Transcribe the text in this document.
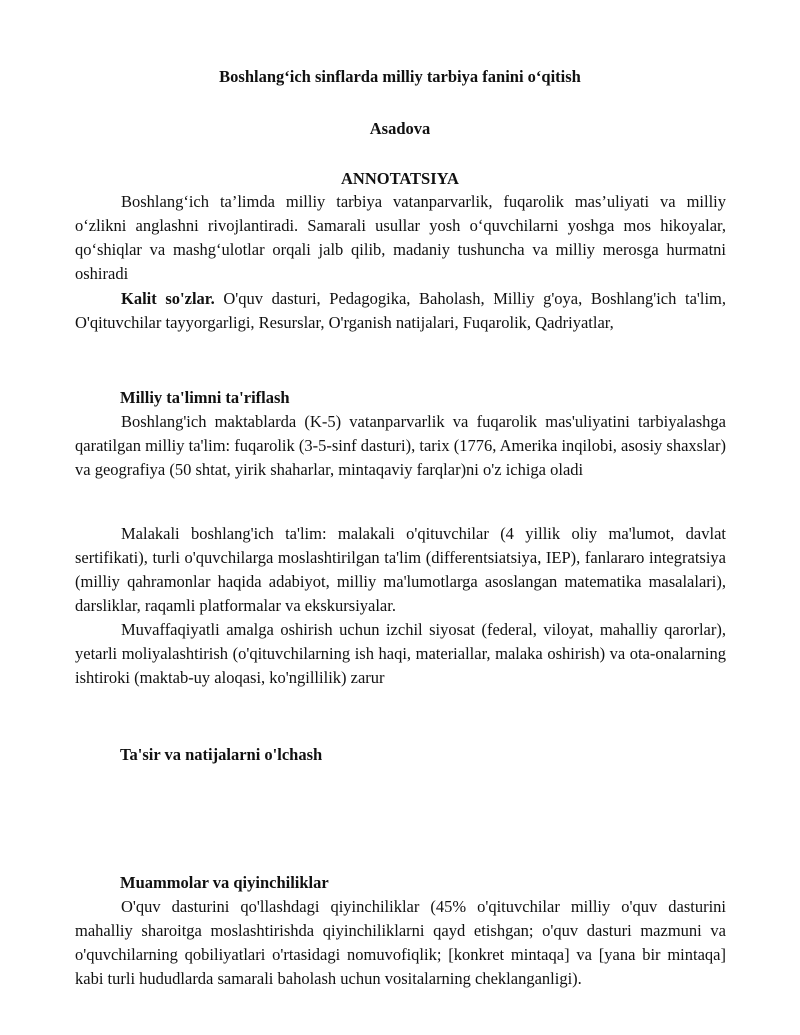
Boshlang‘ich sinflarda milliy tarbiya fanini o‘qitish
Asadova
ANNOTATSIYA
Boshlang‘ich ta’limda milliy tarbiya vatanparvarlik, fuqarolik mas’uliyati va milliy o‘zlikni anglashni rivojlantiradi. Samarali usullar yosh o‘quvchilarni yoshga mos hikoyalar, qo‘shiqlar va mashg‘ulotlar orqali jalb qilib, madaniy tushuncha va milliy merosga hurmatni oshiradi
Kalit so'zlar. O'quv dasturi, Pedagogika, Baholash, Milliy g'oya, Boshlang'ich ta'lim, O'qituvchilar tayyorgarligi, Resurslar, O'rganish natijalari, Fuqarolik, Qadriyatlar,
Milliy ta'limni ta'riflash
Boshlang'ich maktablarda (K-5) vatanparvarlik va fuqarolik mas'uliyatini tarbiyalashga qaratilgan milliy ta'lim: fuqarolik (3-5-sinf dasturi), tarix (1776, Amerika inqilobi, asosiy shaxslar) va geografiya (50 shtat, yirik shaharlar, mintaqaviy farqlar)ni o'z ichiga oladi
Malakali boshlang'ich ta'lim: malakali o'qituvchilar (4 yillik oliy ma'lumot, davlat sertifikati), turli o'quvchilarga moslashtirilgan ta'lim (differentsiatsiya, IEP), fanlararo integratsiya (milliy qahramonlar haqida adabiyot, milliy ma'lumotlarga asoslangan matematika masalalari), darsliklar, raqamli platformalar va ekskursiyalar.
Muvaffaqiyatli amalga oshirish uchun izchil siyosat (federal, viloyat, mahalliy qarorlar), yetarli moliyalashtirish (o'qituvchilarning ish haqi, materiallar, malaka oshirish) va ota-onalarning ishtiroki (maktab-uy aloqasi, ko'ngillilik) zarur
Ta'sir va natijalarni o'lchash
Muammolar va qiyinchiliklar
O'quv dasturini qo'llashdagi qiyinchiliklar (45% o'qituvchilar milliy o'quv dasturini mahalliy sharoitga moslashtirishda qiyinchiliklarni qayd etishgan; o'quv dasturi mazmuni va o'quvchilarning qobiliyatlari o'rtasidagi nomuvofiqlik; [konkret mintaqa] va [yana bir mintaqa] kabi turli hududlarda samarali baholash uchun vositalarning cheklanganligi).
